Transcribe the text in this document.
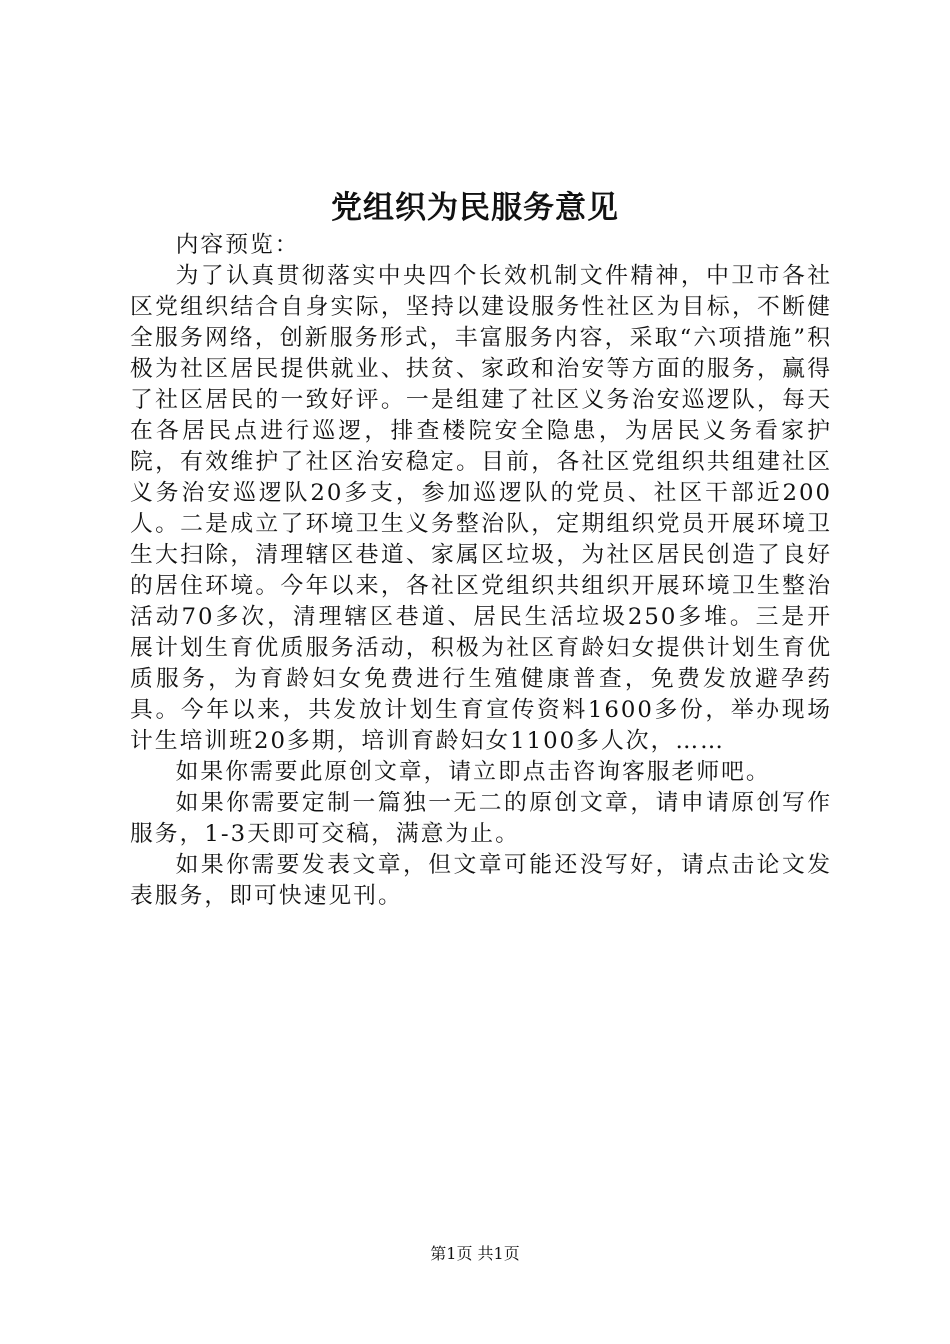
党组织为民服务意见

内容预览：

为了认真贯彻落实中央四个长效机制文件精神，中卫市各社区党组织结合自身实际，坚持以建设服务性社区为目标，不断健全服务网络，创新服务形式，丰富服务内容，采取“六项措施”积极为社区居民提供就业、扶贫、家政和治安等方面的服务，赢得了社区居民的一致好评。一是组建了社区义务治安巡逻队，每天在各居民点进行巡逻，排查楼院安全隐患，为居民义务看家护院，有效维护了社区治安稳定。目前，各社区党组织共组建社区义务治安巡逻队20多支，参加巡逻队的党员、社区干部近200人。二是成立了环境卫生义务整治队，定期组织党员开展环境卫生大扫除，清理辖区巷道、家属区垃圾，为社区居民创造了良好的居住环境。今年以来，各社区党组织共组织开展环境卫生整治活动70多次，清理辖区巷道、居民生活垃圾250多堆。三是开展计划生育优质服务活动，积极为社区育龄妇女提供计划生育优质服务，为育龄妇女免费进行生殖健康普查，免费发放避孕药具。今年以来，共发放计划生育宣传资料1600多份，举办现场计生培训班20多期，培训育龄妇女1100多人次，……

如果你需要此原创文章，请立即点击咨询客服老师吧。

如果你需要定制一篇独一无二的原创文章，请申请原创写作服务，1-3天即可交稿，满意为止。

如果你需要发表文章，但文章可能还没写好，请点击论文发表服务，即可快速见刊。

第1页 共1页
